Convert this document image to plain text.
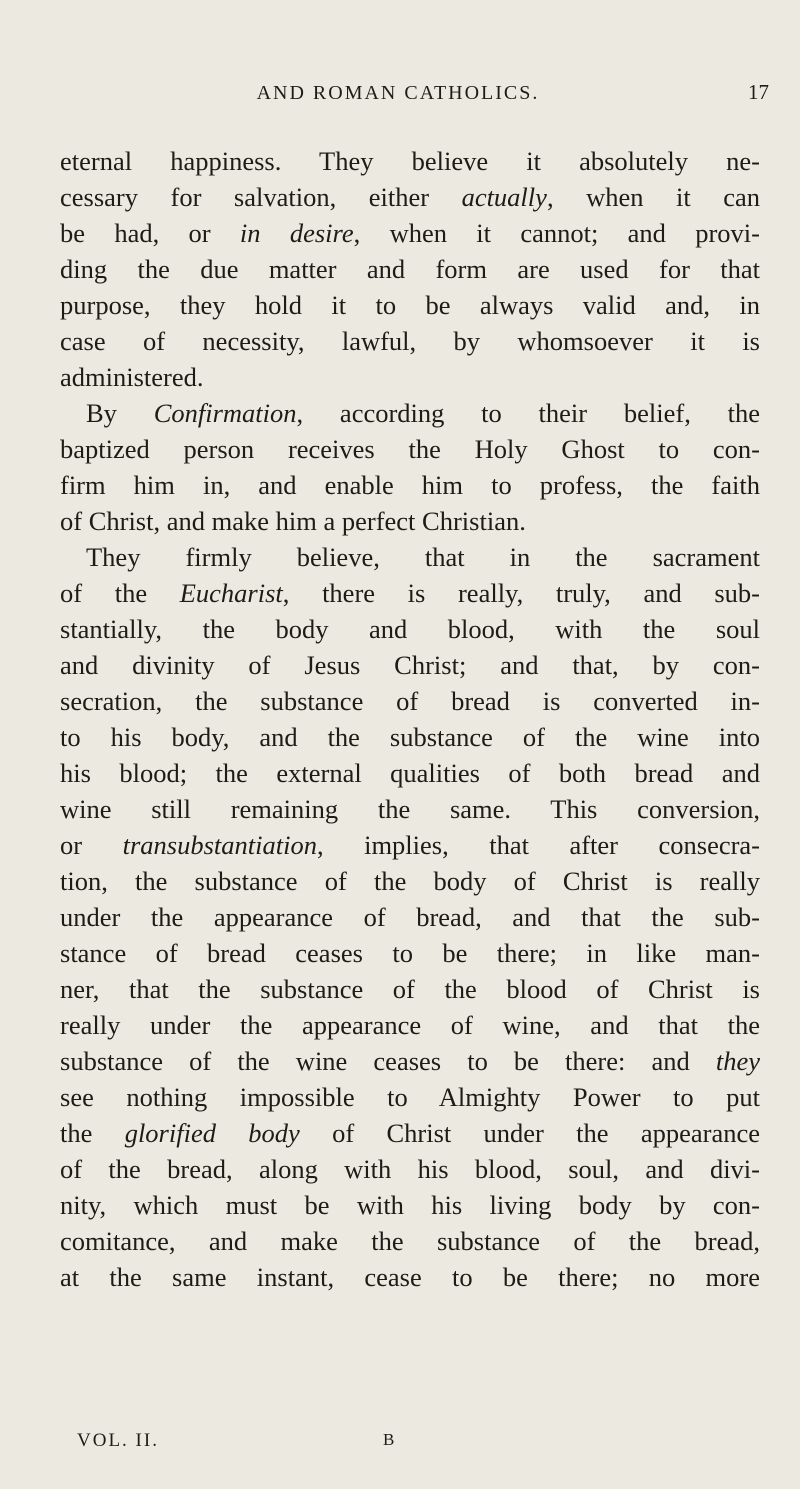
AND ROMAN CATHOLICS.	17
eternal happiness. They believe it absolutely ne-
cessary for salvation, either actually, when it can
be had, or in desire, when it cannot; and provi-
ding the due matter and form are used for that
purpose, they hold it to be always valid and, in
case of necessity, lawful, by whomsoever it is
administered.
By Confirmation, according to their belief, the
baptized person receives the Holy Ghost to con-
firm him in, and enable him to profess, the faith
of Christ, and make him a perfect Christian.
They firmly believe, that in the sacrament
of the Eucharist, there is really, truly, and sub-
stantially, the body and blood, with the soul
and divinity of Jesus Christ; and that, by con-
secration, the substance of bread is converted in-
to his body, and the substance of the wine into
his blood; the external qualities of both bread and
wine still remaining the same. This conversion,
or transubstantiation, implies, that after consecra-
tion, the substance of the body of Christ is really
under the appearance of bread, and that the sub-
stance of bread ceases to be there; in like man-
ner, that the substance of the blood of Christ is
really under the appearance of wine, and that the
substance of the wine ceases to be there: and they
see nothing impossible to Almighty Power to put
the glorified body of Christ under the appearance
of the bread, along with his blood, soul, and divi-
nity, which must be with his living body by con-
comitance, and make the substance of the bread,
at the same instant, cease to be there; no more
VOL. II.	B
